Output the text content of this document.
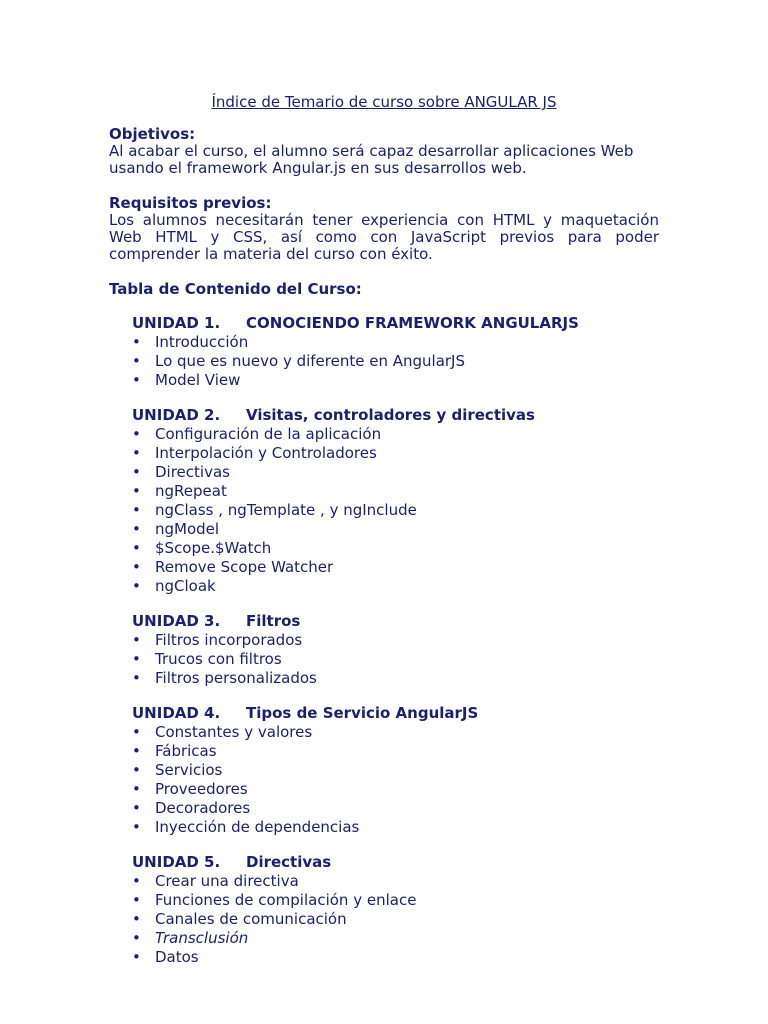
Índice de Temario de curso sobre ANGULAR JS
Objetivos:
Al acabar el curso, el alumno será capaz desarrollar aplicaciones Web usando el framework Angular.js en sus desarrollos web.
Requisitos previos:
Los alumnos necesitarán tener experiencia con HTML y maquetación Web HTML y CSS, así como con JavaScript previos para poder comprender la materia del curso con éxito.
Tabla de Contenido del Curso:
UNIDAD 1. CONOCIENDO FRAMEWORK ANGULARJS
• Introducción
• Lo que es nuevo y diferente en AngularJS
• Model View
UNIDAD 2. Visitas, controladores y directivas
• Configuración de la aplicación
• Interpolación y Controladores
• Directivas
• ngRepeat
• ngClass , ngTemplate , y ngInclude
• ngModel
• $Scope.$Watch
• Remove Scope Watcher
• ngCloak
UNIDAD 3. Filtros
• Filtros incorporados
• Trucos con filtros
• Filtros personalizados
UNIDAD 4. Tipos de Servicio AngularJS
• Constantes y valores
• Fábricas
• Servicios
• Proveedores
• Decoradores
• Inyección de dependencias
UNIDAD 5. Directivas
• Crear una directiva
• Funciones de compilación y enlace
• Canales de comunicación
• Transclusión
• Datos
